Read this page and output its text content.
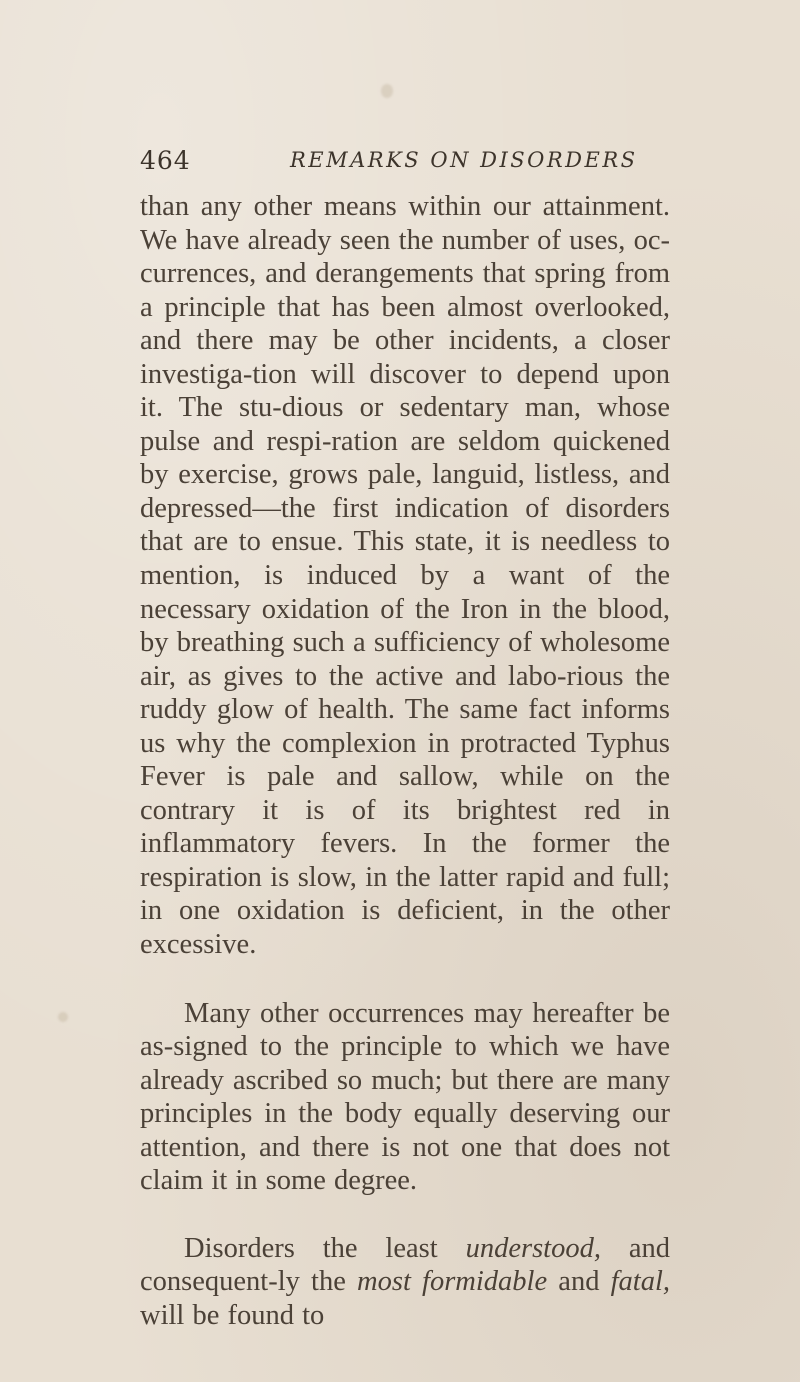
464	REMARKS ON DISORDERS

than any other means within our attainment. We have already seen the number of uses, oc-currences, and derangements that spring from a principle that has been almost overlooked, and there may be other incidents, a closer investiga-tion will discover to depend upon it. The stu-dious or sedentary man, whose pulse and respi-ration are seldom quickened by exercise, grows pale, languid, listless, and depressed—the first indication of disorders that are to ensue. This state, it is needless to mention, is induced by a want of the necessary oxidation of the Iron in the blood, by breathing such a sufficiency of wholesome air, as gives to the active and labo-rious the ruddy glow of health. The same fact informs us why the complexion in protracted Typhus Fever is pale and sallow, while on the contrary it is of its brightest red in inflammatory fevers. In the former the respiration is slow, in the latter rapid and full; in one oxidation is deficient, in the other excessive.

Many other occurrences may hereafter be as-signed to the principle to which we have already ascribed so much; but there are many principles in the body equally deserving our attention, and there is not one that does not claim it in some degree.

Disorders the least understood, and consequent-ly the most formidable and fatal, will be found to
